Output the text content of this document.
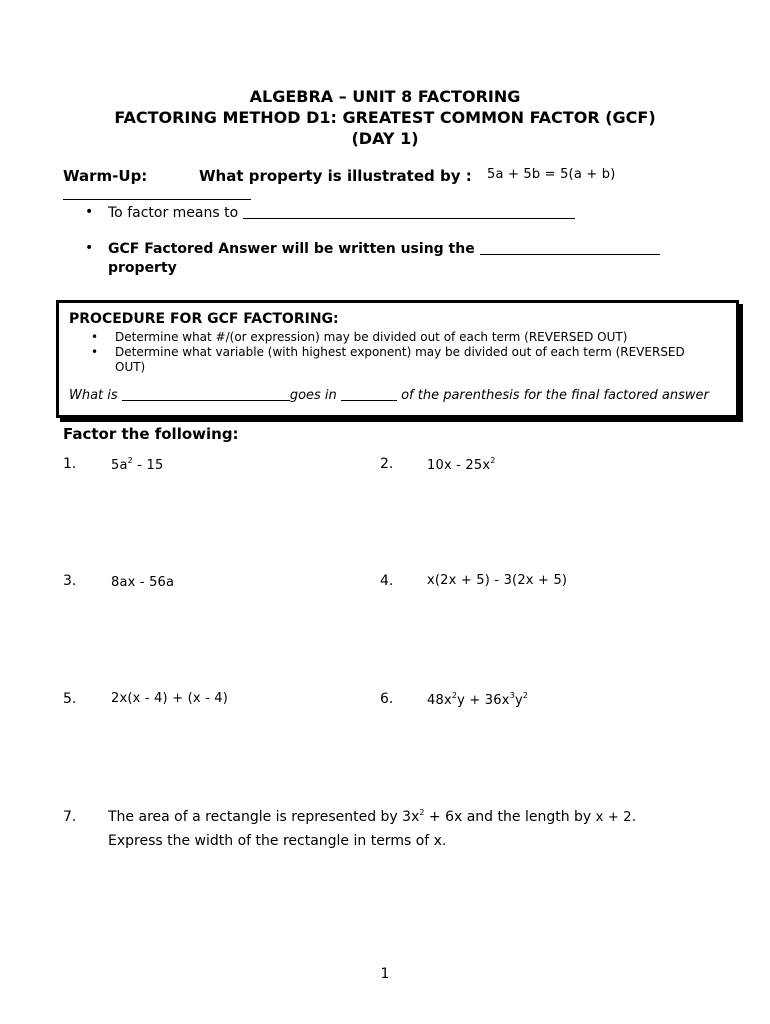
ALGEBRA – UNIT 8 FACTORING
FACTORING METHOD D1: GREATEST COMMON FACTOR (GCF)
(DAY 1)
Warm-Up:	What property is illustrated by : 5a + 5b = 5(a + b)
• To factor means to
• GCF Factored Answer will be written using the
property
PROCEDURE FOR GCF FACTORING:
• Determine what #/(or expression) may be divided out of each term (REVERSED OUT)
• Determine what variable (with highest exponent) may be divided out of each term (REVERSED OUT)
What is	goes in	of the parenthesis for the final factored answer
Factor the following:
1.	$5a^2 - 15$	2.	$10x - 25x^2$
3.	8ax - 56a	4.	x(2x + 5) - 3(2x + 5)
5.	2x(x - 4) + (x - 4)	6.	$48x^2y + 36x^3y^2$
7. The area of a rectangle is represented by $3x^2 + 6x$ and the length by x + 2.
Express the width of the rectangle in terms of x.
1
